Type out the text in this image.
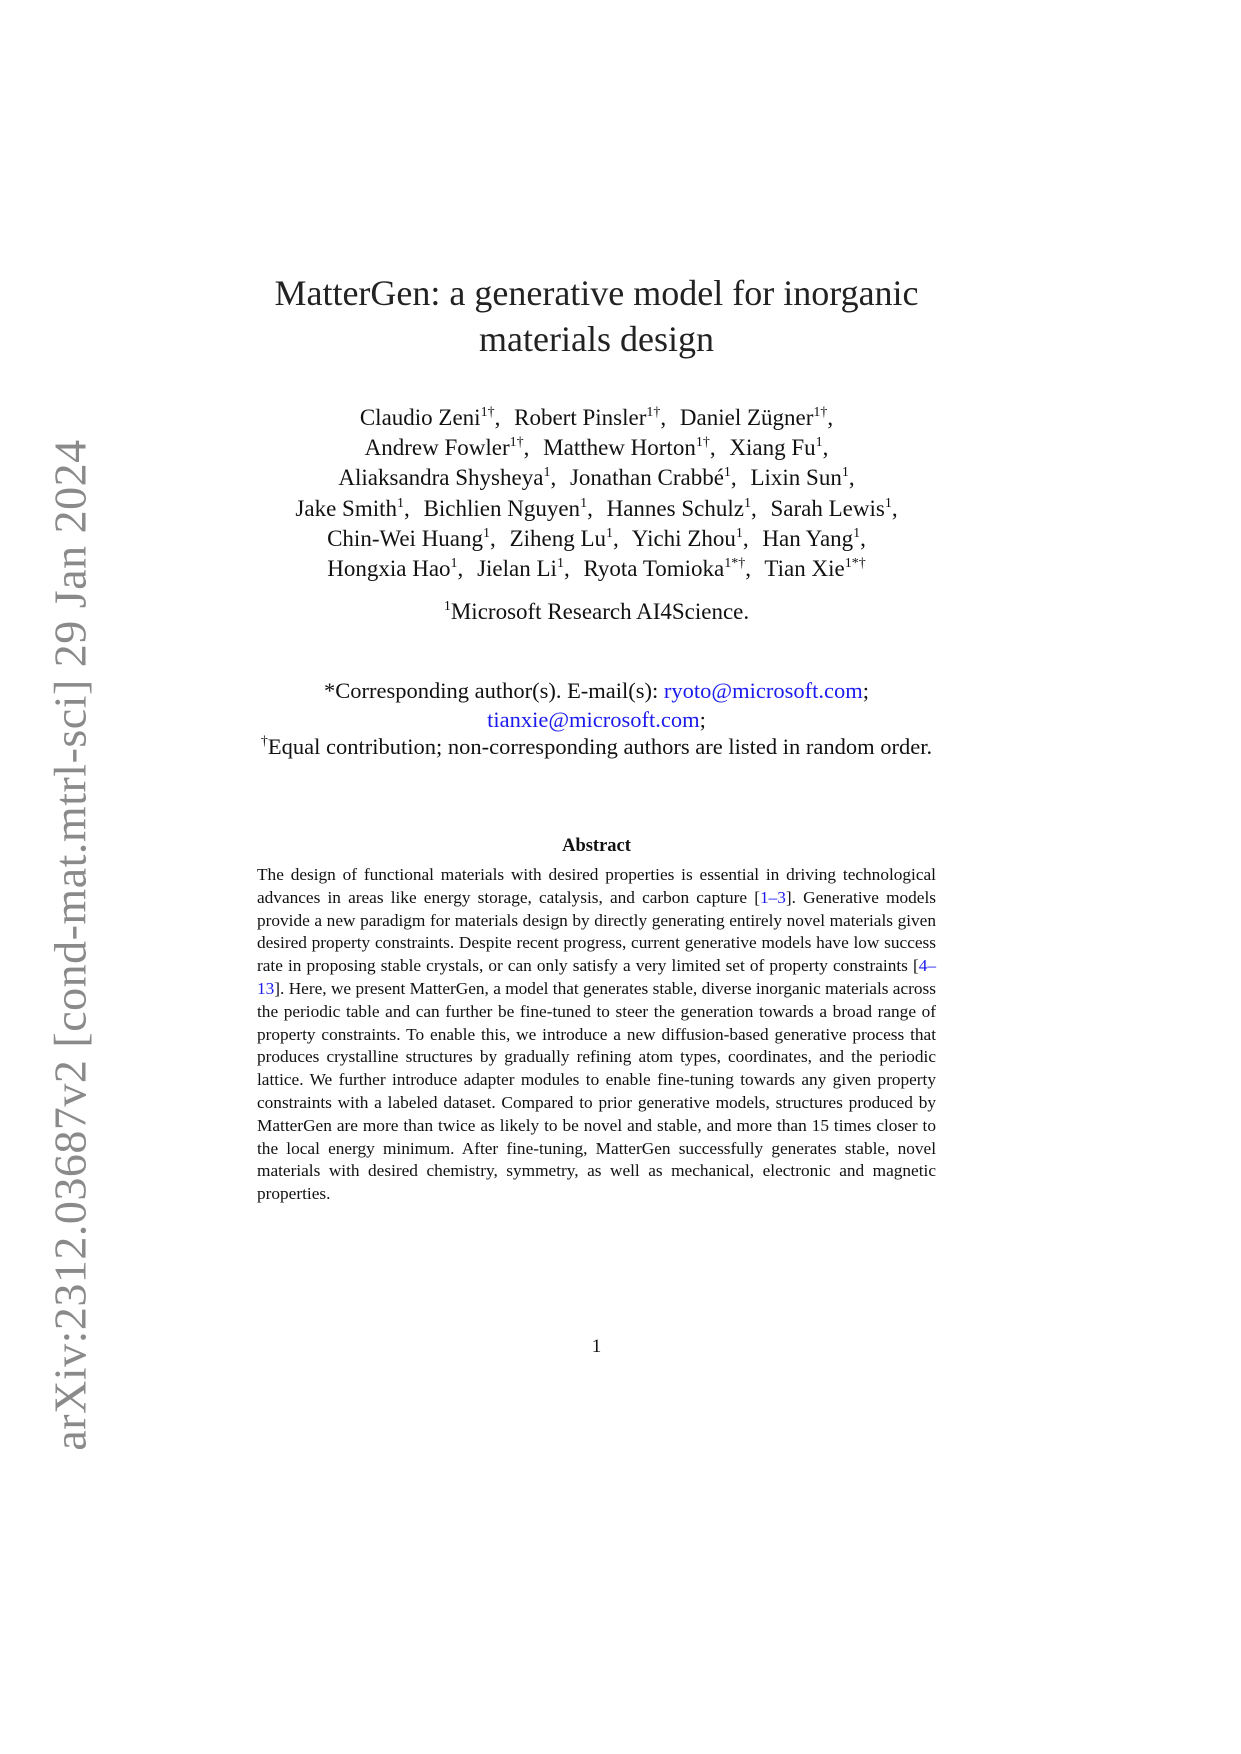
arXiv:2312.03687v2 [cond-mat.mtrl-sci] 29 Jan 2024
MatterGen: a generative model for inorganic
materials design
Claudio Zeni$^{1\dagger}$, Robert Pinsler$^{1\dagger}$, Daniel Zügner$^{1\dagger}$,
Andrew Fowler$^{1\dagger}$, Matthew Horton$^{1\dagger}$, Xiang Fu$^1$,
Aliaksandra Shysheya$^1$, Jonathan Crabbé$^1$, Lixin Sun$^1$,
Jake Smith$^1$, Bichlien Nguyen$^1$, Hannes Schulz$^1$, Sarah Lewis$^1$,
Chin-Wei Huang$^1$, Ziheng Lu$^1$, Yichi Zhou$^1$, Han Yang$^1$,
Hongxia Hao$^1$, Jielan Li$^1$, Ryota Tomioka$^{1*\dagger}$, Tian Xie$^{1*\dagger}$
$^1$Microsoft Research AI4Science.
*Corresponding author(s). E-mail(s): ryoto@microsoft.com;
tianxie@microsoft.com;
†Equal contribution; non-corresponding authors are listed in random order.
Abstract
The design of functional materials with desired properties is essential in driving technological advances in areas like energy storage, catalysis, and carbon capture [1–3]. Generative models provide a new paradigm for materials design by directly generating entirely novel materials given desired property constraints. Despite recent progress, current generative models have low success rate in proposing stable crystals, or can only satisfy a very limited set of property constraints [4–13]. Here, we present MatterGen, a model that generates stable, diverse inorganic materials across the periodic table and can further be fine-tuned to steer the generation towards a broad range of property constraints. To enable this, we introduce a new diffusion-based generative process that produces crystalline structures by gradually refining atom types, coordinates, and the periodic lattice. We further introduce adapter modules to enable fine-tuning towards any given property constraints with a labeled dataset. Compared to prior generative models, structures produced by MatterGen are more than twice as likely to be novel and stable, and more than 15 times closer to the local energy minimum. After fine-tuning, MatterGen successfully generates stable, novel materials with desired chemistry, symmetry, as well as mechanical, electronic and magnetic properties.
1
